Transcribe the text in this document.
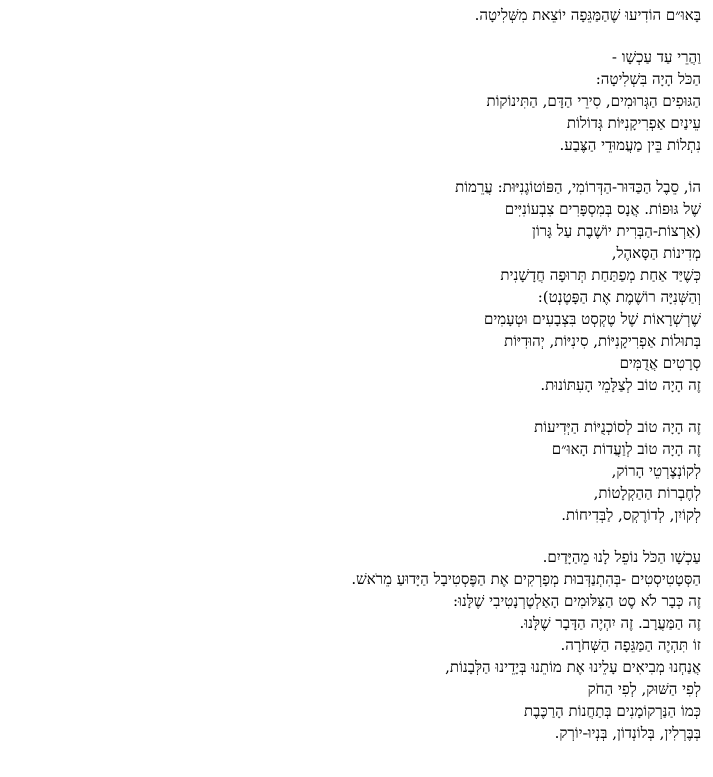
בָּאוּ״ם הוֹדִיעוּ שֶׁהַמַּגֵּפָה יוֹצֵאת מִשְּׁלִיטָה.
וַהֲרֵי עַד עַכְשָׁו -
הַכֹּל הָיָה בִּשְׁלִיטָה:
הַגּוּפִים הַגְּרוּמִים, סִירֵי הַדָּם, הַתִּינוֹקוֹת
עֵינַיִם אַפְרִיקָנִיּוֹת גְּדוֹלוֹת
נִתְלוֹת בֵּין מַעֲמוּדֵי הַצֶּבַע.
הוֹ, סֵבֶל הַכַּדּוּר-הַדְּרוֹמִי, הַפּוֹטוֹגֶנִיּוּת: עֲרֵמוֹת
שֶׁל גּוּפוֹת. אֲנָס בְּמִסְפָּרִים צִבְעוֹנִיִּים
(אַרְצוֹת-הַבְּרִית יוֹשֶׁבֶת עַל גָּרוֹן
מְדִינוֹת הַסָּאהֶל,
כְּשֶׁיַּד אַחַת מְפַתַּחַת תְּרוּפָה חֲדָשָׁנִית
וְהַשְּׁנִיָּה רוֹשֶׁמֶת אֶת הַפָּטֶנְט):
שֶׁרְשְׁרָאוֹת שֶׁל טֶקְסְט בִּצְבָעִים וּטְעָמִים
בְּתוּלוֹת אַפְרִיקָנִיּוֹת, סִינִיּוֹת, יְהוּדִיּוֹת
סְרָטִים אֲדֻמִּים
זֶה הָיָה טוֹב לְצַלָּמֵי הָעִתּוֹנוּת.
זֶה הָיָה טוֹב לְסוֹכְנֻיּוֹת הַיְּדִיעוֹת
זֶה הָיָה טוֹב לְוַעֲדוֹת הָאוּ״ם
לְקוֹנְצֶרְטֵי הָרוֹק,
לְחֶבְרוֹת הַהַקְלָטוֹת,
לְקוֹיִן, לְדוֹרֶקְס, לַבְּדִיחוֹת.
עַכְשָׁו הַכֹּל נוֹפֵל לָנוּ מֵהַיָּדַיִם.
הַסְּטָטִיסְטִים -בְּהִתְנַדְּבוּת מְפָרְקִים אֶת הַפֶּסְטִיבָל הַיָּדוּעַ מֵרֹאשׁ.
זֶה כְּבָר לֹא סֶט הַצִּלּוּמִים הָאַלְטֶרְנָטִיבִי שֶׁלָּנוּ:
זֶה הַמַּעֲרָב. זֶה יִהְיֶה הַדָּבָר שֶׁלָּנוּ.
זוֹ תִּהְיֶה הַמַּגֵּפָה הַשְּׁחֹרָה.
אֲנַחְנוּ מְבִיאִים עָלֵינוּ אֶת מוֹתֵנוּ בְּיָדֵינוּ הַלְּבָנוֹת,
לְפִי הַשּׁוּק, לְפִי הַחֹק
כְּמוֹ הַנַּרְקוֹמָנִים בְּתַחֲנוֹת הָרַכֶּבֶת
בְּבֶּרְלִין, בְּלוֹנְדוֹן, בְּנְיוּ-יוֹרְק.
